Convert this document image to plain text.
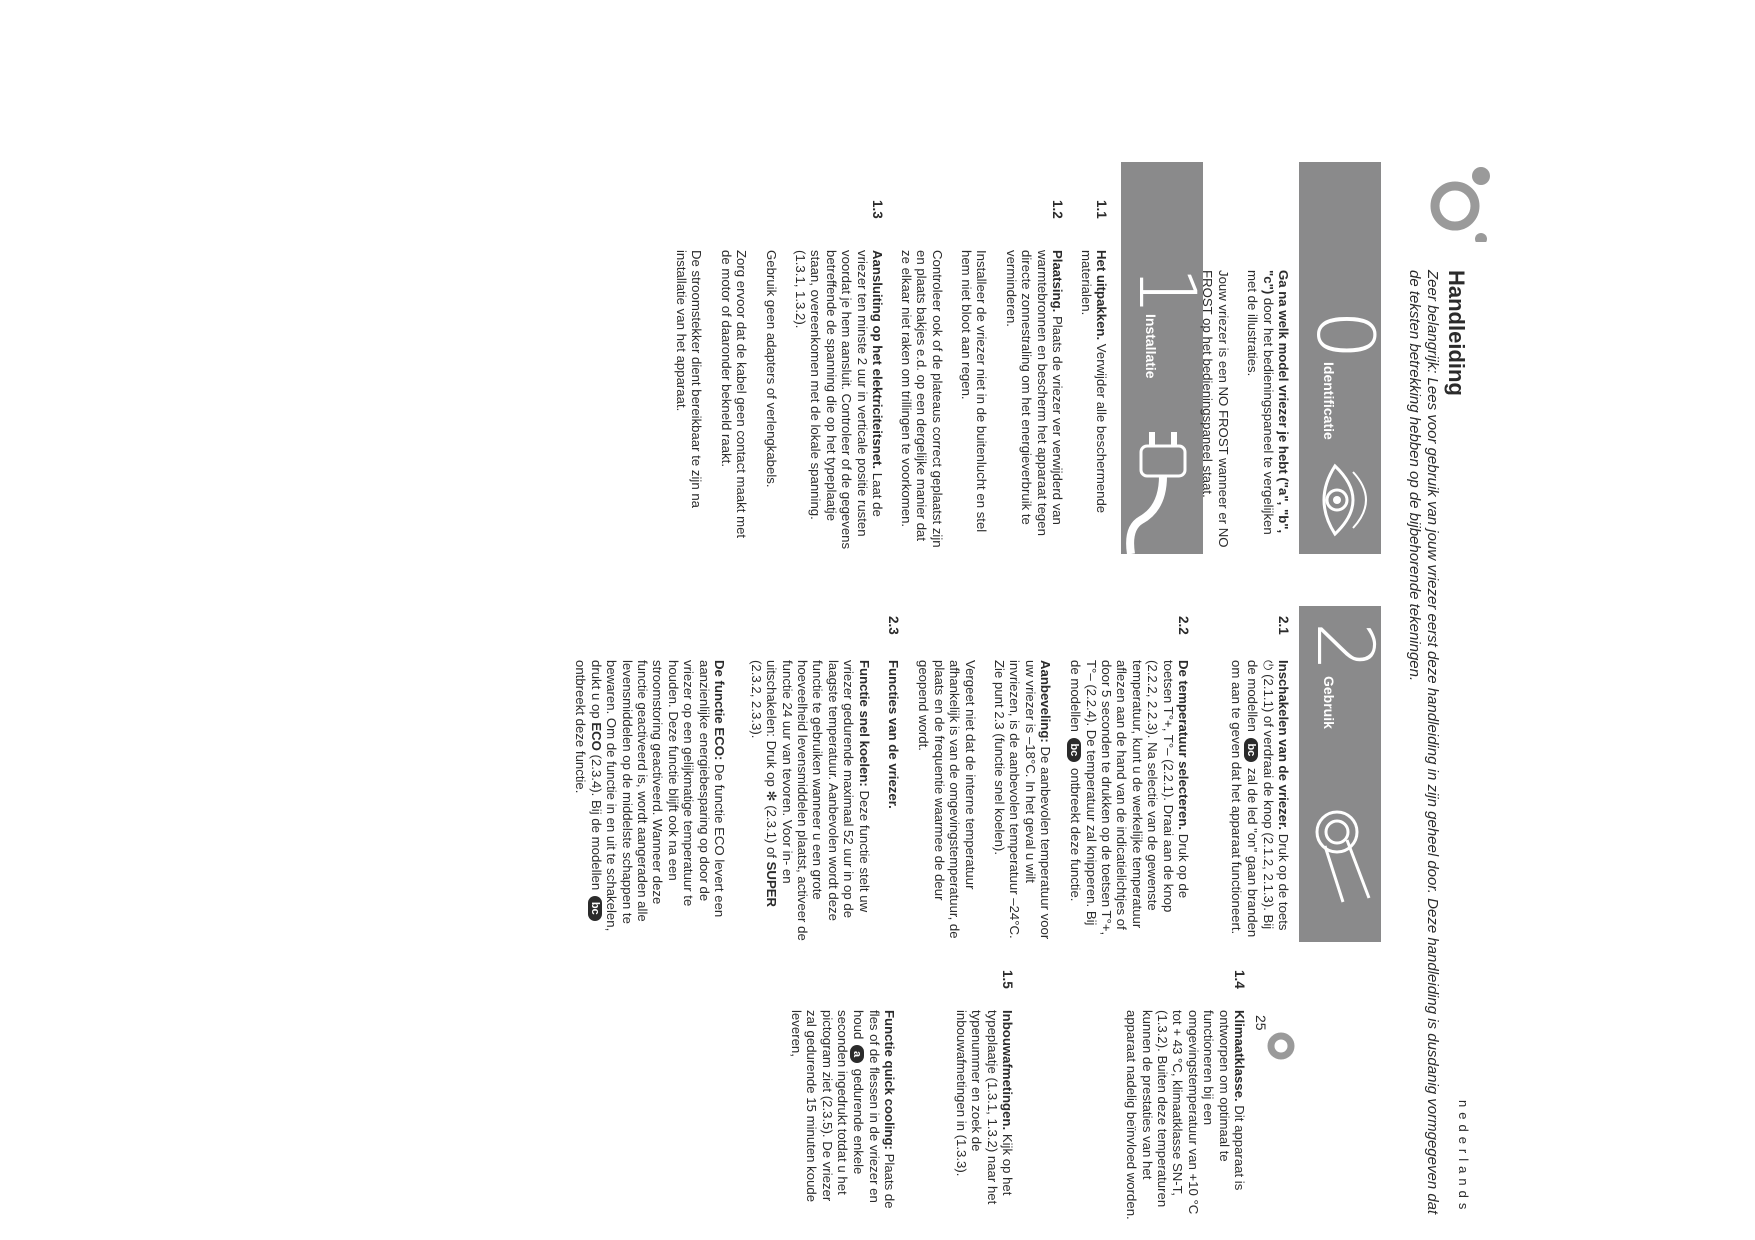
Handleiding
nederlands
Zeer belangrijk: Lees voor gebruik van jouw vriezer eerst deze handleiding in zijn geheel door. Deze handleiding is dusdanig vormgegeven dat de teksten betrekking hebben op de bijbehorende tekeningen.
0
Identificatie
2
Gebruik
1
Installatie	Ga na welk model vriezer je hebt ("a", "b", "c") door het bedieningspaneel te vergelijken met de illustraties.

Jouw vriezer is een NO FROST wanneer er NO FROST op het bedieningspaneel staat.

1.1

Het uitpakken. Verwijder alle beschermende materialen.

1.2

Plaatsing. Plaats de vriezer ver verwijderd van warmtebronnen en bescherm het apparaat tegen directe zonnestraling om het energieverbruik te verminderen.

Installeer de vriezer niet in de buitenlucht en stel hem niet bloot aan regen.

Controleer ook of de plateaus correct geplaatst zijn en plaats bakjes e.d. op een dergelijke manier dat ze elkaar niet raken om trillingen te voorkomen.

1.3

Aansluiting op het elektriciteitsnet. Laat de vriezer ten minste 2 uur in verticale positie rusten voordat je hem aansluit. Controleer of de gegevens betreffende de spanning die op het typeplaatje staan, overeenkomen met de lokale spanning. (1.3.1, 1.3.2).

Gebruik geen adapters of verlengkabels.

Zorg ervoor dat de kabel geen contact maakt met de motor of daaronder bekneld raakt.

De stroomstekker dient bereikbaar te zijn na installatie van het apparaat.

1.4

Klimaatklasse. Dit apparaat is ontworpen om optimaal te functioneren bij een omgevingstemperatuur van +10 °C tot + 43 °C, klimaatklasse SN-T, (1.3.2). Buiten deze temperaturen kunnen de prestaties van het apparaat nadelig beïnvloed worden.

1.5

Inbouwafmetingen. Kijk op het typeplaatje (1.3.1, 1.3.2) naar het typenummer en zoek de inbouwafmetingen in (1.3.3).

2.1

Inschakelen van de vriezer. Druk op de toets ⏻ (2.1.1) of verdraai de knop (2.1.2, 2.1.3). Bij de modellen bc zal de led "on" gaan branden om aan te geven dat het apparaat functioneert.

2.2

De temperatuur selecteren. Druk op de toetsen T°+, T°– (2.2.1). Draai aan de knop (2.2.2, 2.2.3). Na selectie van de gewenste temperatuur, kunt u de werkelijke temperatuur aflezen aan de hand van de indicatielichtjes of door 5 seconden te drukken op de toetsen T°+, T°– (2.2.4). De temperatuur zal knipperen. Bij de modellen bc ontbreekt deze functie.

Aanbeveling: De aanbevolen temperatuur voor uw vriezer is –18°C. In het geval u wilt invriezen, is de aanbevolen temperatuur –24°C. Zie punt 2.3 (functie snel koelen).

Vergeet niet dat de interne temperatuur afhankelijk is van de omgevingstemperatuur, de plaats en de frequentie waarmee de deur geopend wordt.

2.3

Functies van de vriezer.

Functie snel koelen: Deze functie stelt uw vriezer gedurende maximaal 52 uur in op de laagste temperatuur. Aanbevolen wordt deze functie te gebruiken wanneer u een grote hoeveelheid levensmiddelen plaatst, activeer de functie 24 uur van tevoren. Voor in- en uitschakelen: Druk op ✻ (2.3.1) of SUPER (2.3.2, 2.3.3).

De functie ECO: De functie ECO levert een aanzienlijke energiebesparing op door de vriezer op een gelijkmatige temperatuur te houden. Deze functie blijft ook na een stroomstoring geactiveerd. Wanneer deze functie geactiveerd is, wordt aangeraden alle levensmiddelen op de middelste schappen te bewaren. Om de functie in en uit te schakelen, drukt u op ECO (2.3.4). Bij de modellen bc ontbreekt deze functie.

Functie quick cooling: Plaats de fles of de flessen in de vriezer en houd a gedurende enkele seconden ingedrukt totdat u het pictogram ziet (2.3.5). De vriezer zal gedurende 15 minuten koude leveren,	25
